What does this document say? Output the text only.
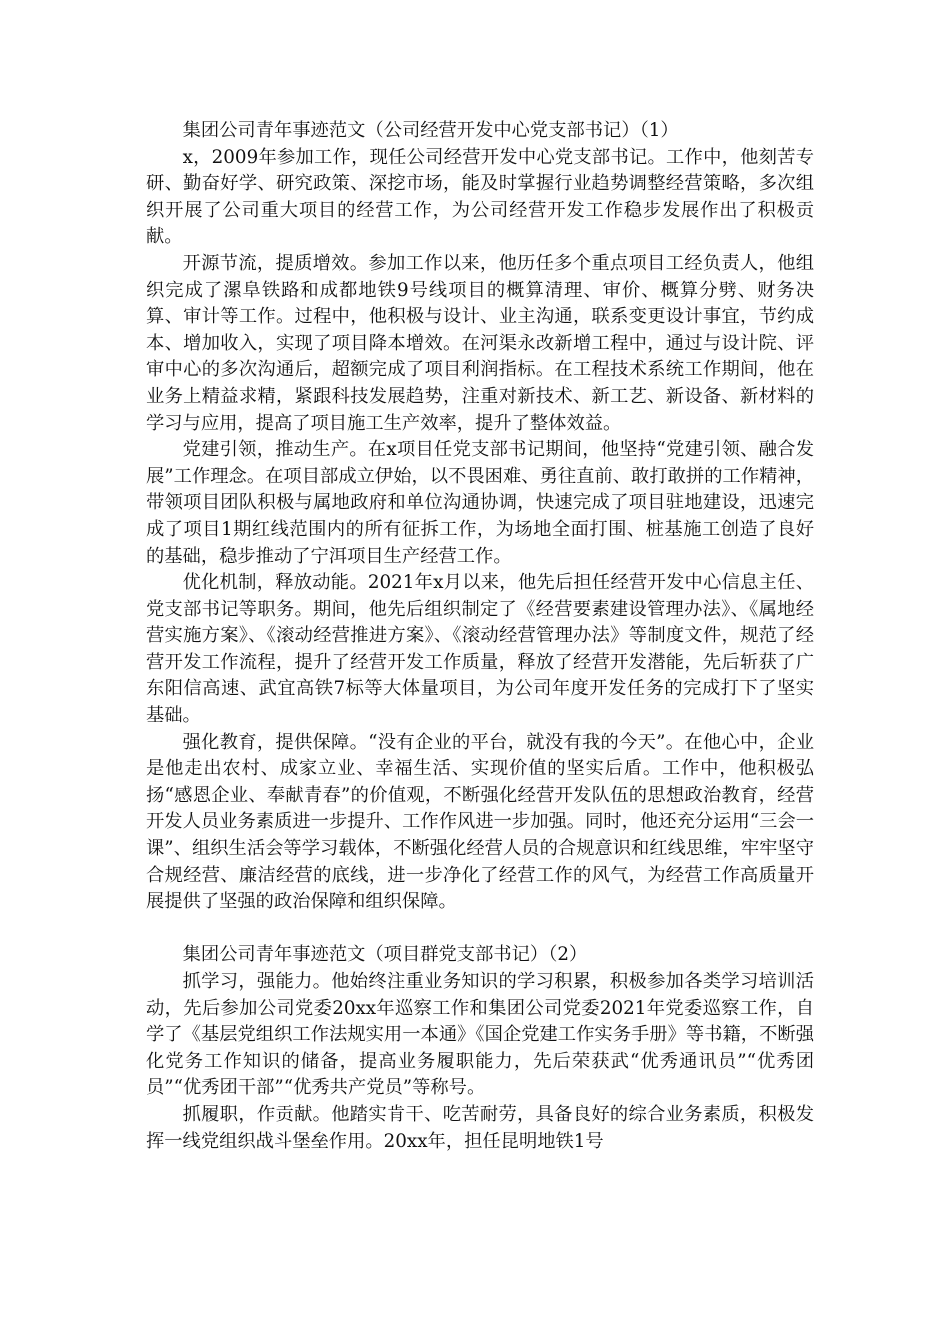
集团公司青年事迹范文（公司经营开发中心党支部书记）（1）

x，2009年参加工作，现任公司经营开发中心党支部书记。工作中，他刻苦专研、勤奋好学、研究政策、深挖市场，能及时掌握行业趋势调整经营策略，多次组织开展了公司重大项目的经营工作，为公司经营开发工作稳步发展作出了积极贡献。

开源节流，提质增效。参加工作以来，他历任多个重点项目工经负责人，他组织完成了漯阜铁路和成都地铁9号线项目的概算清理、审价、概算分劈、财务决算、审计等工作。过程中，他积极与设计、业主沟通，联系变更设计事宜，节约成本、增加收入，实现了项目降本增效。在河渠永改新增工程中，通过与设计院、评审中心的多次沟通后，超额完成了项目利润指标。在工程技术系统工作期间，他在业务上精益求精，紧跟科技发展趋势，注重对新技术、新工艺、新设备、新材料的学习与应用，提高了项目施工生产效率，提升了整体效益。

党建引领，推动生产。在x项目任党支部书记期间，他坚持“党建引领、融合发展”工作理念。在项目部成立伊始，以不畏困难、勇往直前、敢打敢拼的工作精神，带领项目团队积极与属地政府和单位沟通协调，快速完成了项目驻地建设，迅速完成了项目1期红线范围内的所有征拆工作，为场地全面打围、桩基施工创造了良好的基础，稳步推动了宁洱项目生产经营工作。

优化机制，释放动能。2021年x月以来，他先后担任经营开发中心信息主任、党支部书记等职务。期间，他先后组织制定了《经营要素建设管理办法》、《属地经营实施方案》、《滚动经营推进方案》、《滚动经营管理办法》等制度文件，规范了经营开发工作流程，提升了经营开发工作质量，释放了经营开发潜能，先后斩获了广东阳信高速、武宜高铁7标等大体量项目，为公司年度开发任务的完成打下了坚实基础。

强化教育，提供保障。“没有企业的平台，就没有我的今天”。在他心中，企业是他走出农村、成家立业、幸福生活、实现价值的坚实后盾。工作中，他积极弘扬“感恩企业、奉献青春”的价值观，不断强化经营开发队伍的思想政治教育，经营开发人员业务素质进一步提升、工作作风进一步加强。同时，他还充分运用“三会一课”、组织生活会等学习载体，不断强化经营人员的合规意识和红线思维，牢牢坚守合规经营、廉洁经营的底线，进一步净化了经营工作的风气，为经营工作高质量开展提供了坚强的政治保障和组织保障。

集团公司青年事迹范文（项目群党支部书记）（2）

抓学习，强能力。他始终注重业务知识的学习积累，积极参加各类学习培训活动，先后参加公司党委20xx年巡察工作和集团公司党委2021年党委巡察工作，自学了《基层党组织工作法规实用一本通》《国企党建工作实务手册》等书籍，不断强化党务工作知识的储备，提高业务履职能力，先后荣获武“优秀通讯员”“优秀团员”“优秀团干部”“优秀共产党员”等称号。

抓履职，作贡献。他踏实肯干、吃苦耐劳，具备良好的综合业务素质，积极发挥一线党组织战斗堡垒作用。20xx年，担任昆明地铁1号
